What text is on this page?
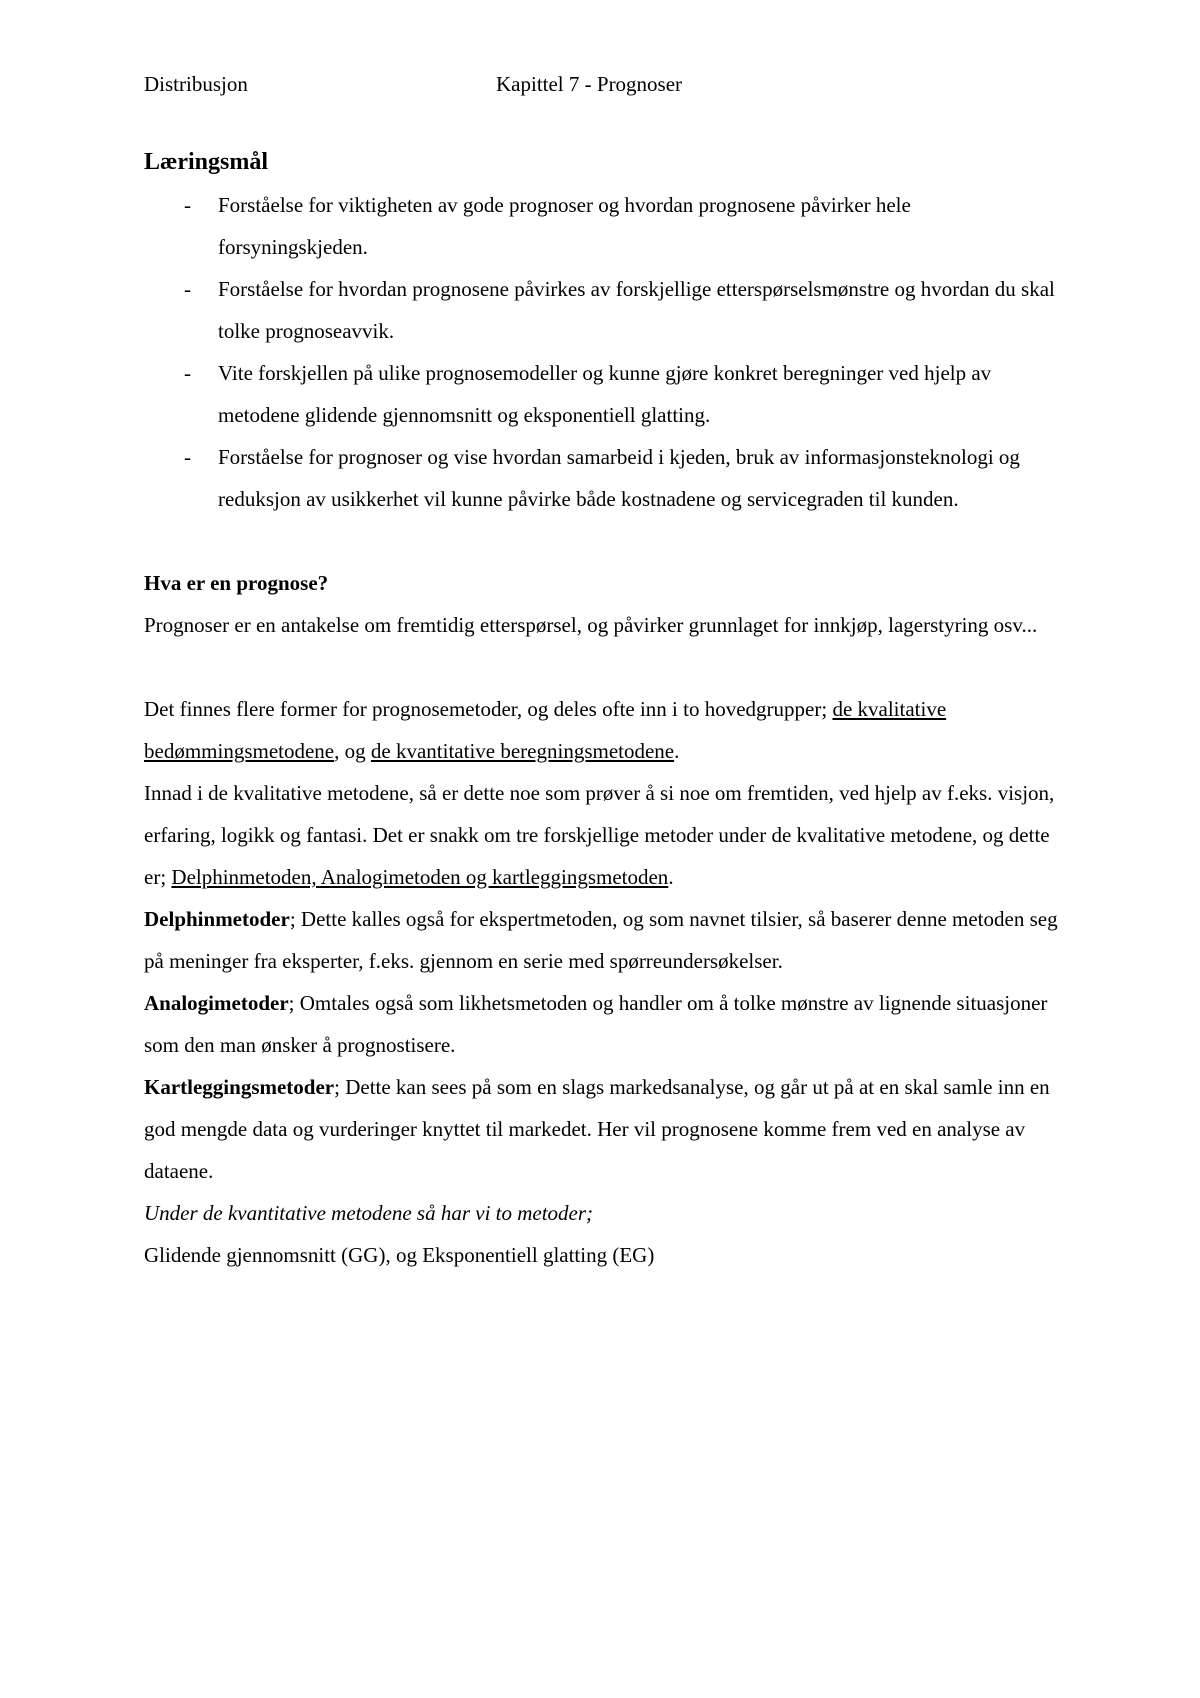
Distribusjon	Kapittel 7 - Prognoser
Læringsmål
- Forståelse for viktigheten av gode prognoser og hvordan prognosene påvirker hele forsyningskjeden.
- Forståelse for hvordan prognosene påvirkes av forskjellige etterspørselsmønstre og hvordan du skal tolke prognoseavvik.
- Vite forskjellen på ulike prognosemodeller og kunne gjøre konkret beregninger ved hjelp av metodene glidende gjennomsnitt og eksponentiell glatting.
- Forståelse for prognoser og vise hvordan samarbeid i kjeden, bruk av informasjonsteknologi og reduksjon av usikkerhet vil kunne påvirke både kostnadene og servicegraden til kunden.
Hva er en prognose?

Prognoser er en antakelse om fremtidig etterspørsel, og påvirker grunnlaget for innkjøp, lagerstyring osv...

Det finnes flere former for prognosemetoder, og deles ofte inn i to hovedgrupper; de kvalitative bedømmingsmetodene, og de kvantitative beregningsmetodene.

Innad i de kvalitative metodene, så er dette noe som prøver å si noe om fremtiden, ved hjelp av f.eks. visjon, erfaring, logikk og fantasi. Det er snakk om tre forskjellige metoder under de kvalitative metodene, og dette er; Delphinmetoden, Analogimetoden og kartleggingsmetoden.

Delphinmetoder; Dette kalles også for ekspertmetoden, og som navnet tilsier, så baserer denne metoden seg på meninger fra eksperter, f.eks. gjennom en serie med spørreundersøkelser.

Analogimetoder; Omtales også som likhetsmetoden og handler om å tolke mønstre av lignende situasjoner som den man ønsker å prognostisere.

Kartleggingsmetoder; Dette kan sees på som en slags markedsanalyse, og går ut på at en skal samle inn en god mengde data og vurderinger knyttet til markedet. Her vil prognosene komme frem ved en analyse av dataene.

Under de kvantitative metodene så har vi to metoder;

Glidende gjennomsnitt (GG), og Eksponentiell glatting (EG)
